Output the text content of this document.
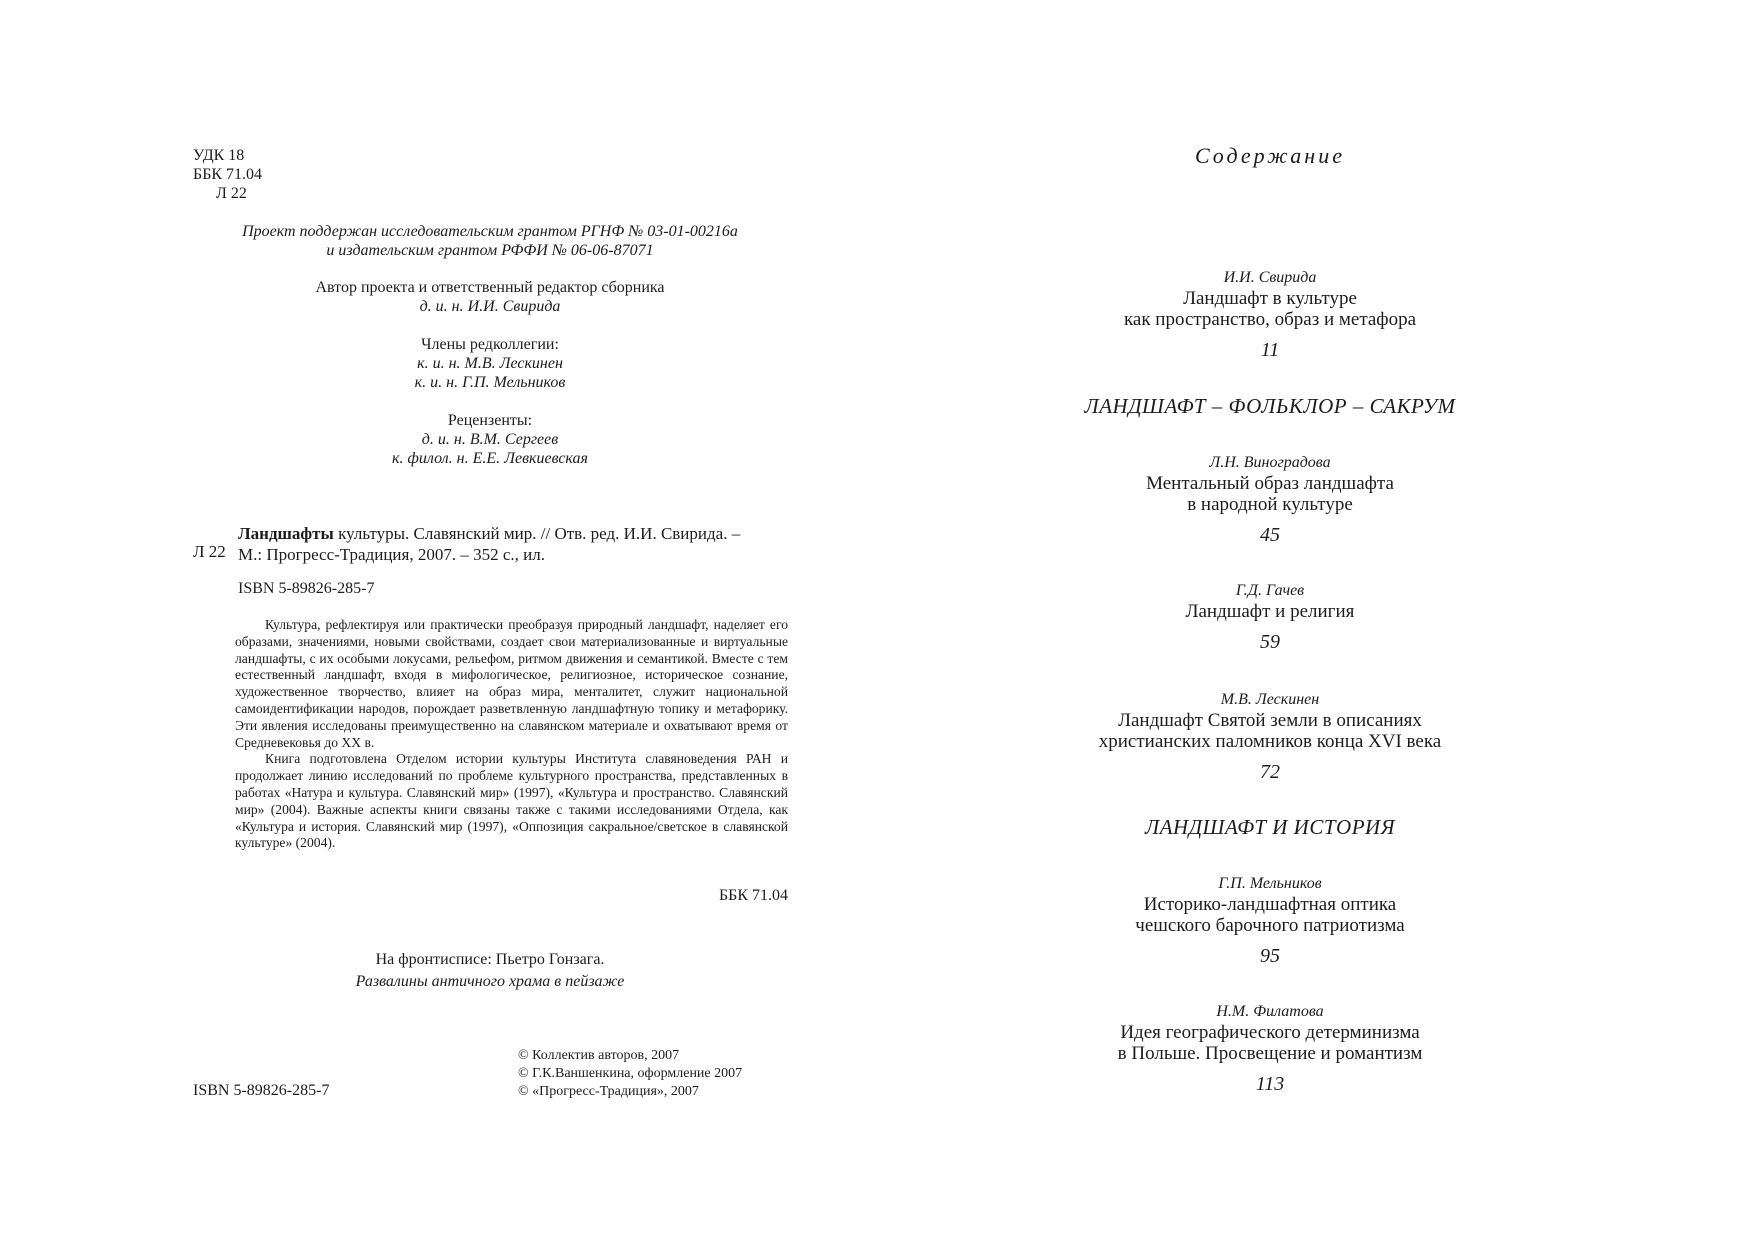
УДК 18
ББК 71.04
Л 22
Проект поддержан исследовательским грантом РГНФ № 03-01-00216а
и издательским грантом РФФИ № 06-06-87071
Автор проекта и ответственный редактор сборника
д. и. н. И.И. Свирида
Члены редколлегии:
к. и. н. М.В. Лескинен
к. и. н. Г.П. Мельников
Рецензенты:
д. и. н. В.М. Сергеев
к. филол. н. Е.Е. Левкиевская
Л 22
Ландшафты культуры. Славянский мир. // Отв. ред. И.И. Свирида. –
М.: Прогресс-Традиция, 2007. – 352 с., ил.
ISBN 5-89826-285-7

Культура, рефлектируя или практически преобразуя природный ландшафт, наделяет его образами, значениями, новыми свойствами, создает свои материализованные и виртуальные ландшафты, с их особыми локусами, рельефом, ритмом движения и семантикой. Вместе с тем естественный ландшафт, входя в мифологическое, религиозное, историческое сознание, художественное творчество, влияет на образ мира, менталитет, служит национальной самоидентификации народов, порождает разветвленную ландшафтную топику и метафорику. Эти явления исследованы преимущественно на славянском материале и охватывают время от Средневековья до ХХ в.

Книга подготовлена Отделом истории культуры Института славяноведения РАН и продолжает линию исследований по проблеме культурного пространства, представленных в работах «Натура и культура. Славянский мир» (1997), «Культура и пространство. Славянский мир» (2004). Важные аспекты книги связаны также с такими исследованиями Отдела, как «Культура и история. Славянский мир (1997), «Оппозиция сакральное/светское в славянской культуре» (2004).

ББК 71.04
На фронтисписе: Пьетро Гонзага.
Развалины античного храма в пейзаже
ISBN 5-89826-285-7
© Коллектив авторов, 2007
© Г.К.Ваншенкина, оформление 2007
© «Прогресс-Традиция», 2007
Содержание
И.И. Свирида
Ландшафт в культуре
как пространство, образ и метафора
11
ЛАНДШАФТ – ФОЛЬКЛОР – САКРУМ
Л.Н. Виноградова
Ментальный образ ландшафта
в народной культуре
45
Г.Д. Гачев
Ландшафт и религия
59
М.В. Лескинен
Ландшафт Святой земли в описаниях
христианских паломников конца XVI века
72
ЛАНДШАФТ И ИСТОРИЯ
Г.П. Мельников
Историко-ландшафтная оптика
чешского барочного патриотизма
95
Н.М. Филатова
Идея географического детерминизма
в Польше. Просвещение и романтизм
113
